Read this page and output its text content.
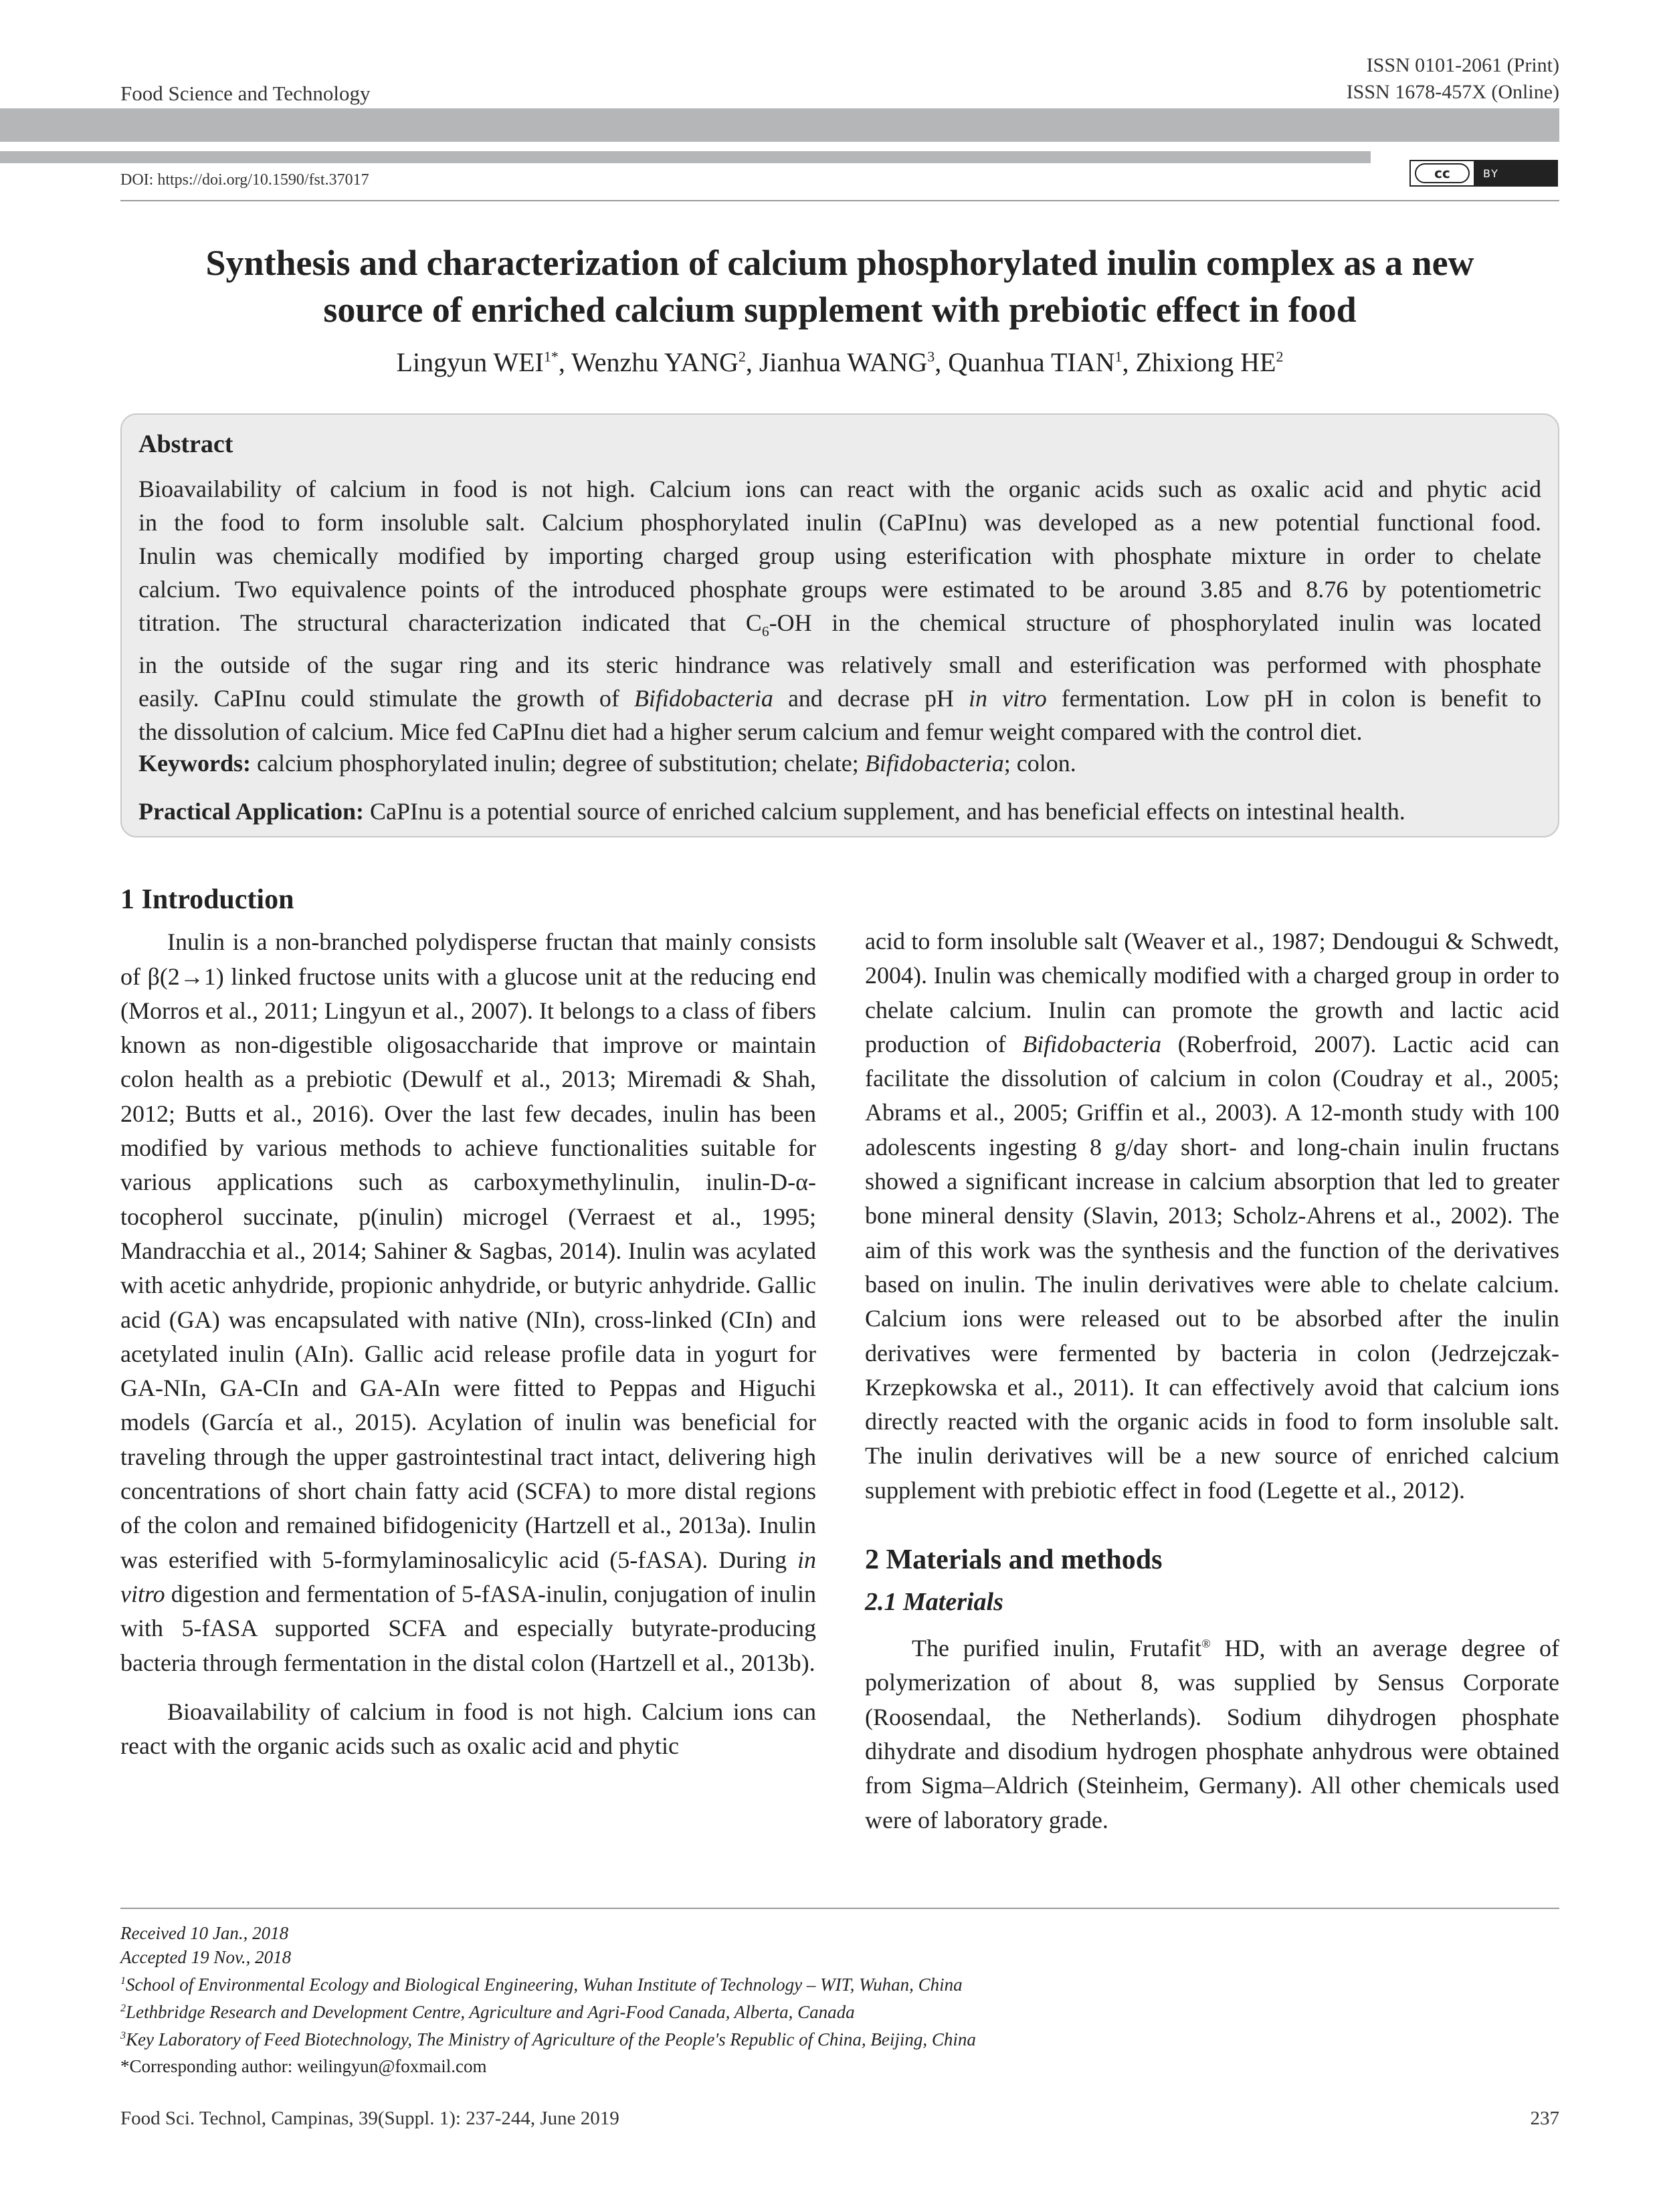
Food Science and Technology
ISSN 0101-2061 (Print)
ISSN 1678-457X (Online)
DOI: https://doi.org/10.1590/fst.37017	cc	BY
Synthesis and characterization of calcium phosphorylated inulin complex as a new
source of enriched calcium supplement with prebiotic effect in food
Lingyun $WEI^{1*}$, Wenzhu YANG$^2$, Jianhua WANG$^3$, Quanhua TIAN$^1$, Zhixiong $HE^2$
Abstract
Bioavailability of calcium in food is not high. Calcium ions can react with the organic acids such as oxalic acid and phytic acid
in the food to form insoluble salt. Calcium phosphorylated inulin (CaPInu) was developed as a new potential functional food.
Inulin was chemically modified by importing charged group using esterification with phosphate mixture in order to chelate
calcium. Two equivalence points of the introduced phosphate groups were estimated to be around 3.85 and 8.76 by potentiometric
titration. The structural characterization indicated that $C_6-OH$ in the chemical structure of phosphorylated inulin was located
in the outside of the sugar ring and its steric hindrance was relatively small and esterification was performed with phosphate
easily. CaPInu could stimulate the growth of Bifidobacteria and decrase pH in vitro fermentation. Low pH in colon is benefit to
the dissolution of calcium. Mice fed CaPInu diet had a higher serum calcium and femur weight compared with the control diet.
Keywords: calcium phosphorylated inulin; degree of substitution; chelate; Bifidobacteria; colon.
Practical Application: CaPInu is a potential source of enriched calcium supplement, and has beneficial effects on intestinal health.
1 Introduction

Inulin is a non-branched polydisperse fructan that mainly consists of β(2→1) linked fructose units with a glucose unit at the reducing end (Morros et al., 2011; Lingyun et al., 2007). It belongs to a class of fibers known as non-digestible oligosaccharide that improve or maintain colon health as a prebiotic (Dewulf et al., 2013; Miremadi & Shah, 2012; Butts et al., 2016). Over the last few decades, inulin has been modified by various methods to achieve functionalities suitable for various applications such as carboxymethylinulin, inulin-D-α-tocopherol succinate, p(inulin) microgel (Verraest et al., 1995; Mandracchia et al., 2014; Sahiner & Sagbas, 2014). Inulin was acylated with acetic anhydride, propionic anhydride, or butyric anhydride. Gallic acid (GA) was encapsulated with native (NIn), cross-linked (CIn) and acetylated inulin (AIn). Gallic acid release profile data in yogurt for GA-NIn, GA-CIn and GA-AIn were fitted to Peppas and Higuchi models (García et al., 2015). Acylation of inulin was beneficial for traveling through the upper gastrointestinal tract intact, delivering high concentrations of short chain fatty acid (SCFA) to more distal regions of the colon and remained bifidogenicity (Hartzell et al., 2013a). Inulin was esterified with 5-formylaminosalicylic acid (5-fASA). During in vitro digestion and fermentation of 5-fASA-inulin, conjugation of inulin with 5-fASA supported SCFA and especially butyrate-producing bacteria through fermentation in the distal colon (Hartzell et al., 2013b).

Bioavailability of calcium in food is not high. Calcium ions can react with the organic acids such as oxalic acid and phytic

acid to form insoluble salt (Weaver et al., 1987; Dendougui & Schwedt, 2004). Inulin was chemically modified with a charged group in order to chelate calcium. Inulin can promote the growth and lactic acid production of Bifidobacteria (Roberfroid, 2007). Lactic acid can facilitate the dissolution of calcium in colon (Coudray et al., 2005; Abrams et al., 2005; Griffin et al., 2003). A 12-month study with 100 adolescents ingesting 8 g/day short- and long-chain inulin fructans showed a significant increase in calcium absorption that led to greater bone mineral density (Slavin, 2013; Scholz-Ahrens et al., 2002). The aim of this work was the synthesis and the function of the derivatives based on inulin. The inulin derivatives were able to chelate calcium. Calcium ions were released out to be absorbed after the inulin derivatives were fermented by bacteria in colon (Jedrzejczak-Krzepkowska et al., 2011). It can effectively avoid that calcium ions directly reacted with the organic acids in food to form insoluble salt. The inulin derivatives will be a new source of enriched calcium supplement with prebiotic effect in food (Legette et al., 2012).

2 Materials and methods
2.1 Materials

The purified inulin, Frutafit® HD, with an average degree of polymerization of about 8, was supplied by Sensus Corporate (Roosendaal, the Netherlands). Sodium dihydrogen phosphate dihydrate and disodium hydrogen phosphate anhydrous were obtained from Sigma–Aldrich (Steinheim, Germany). All other chemicals used were of laboratory grade.

Received 10 Jan., 2018
Accepted 19 Nov., 2018
$^1$School of Environmental Ecology and Biological Engineering, Wuhan Institute of Technology – WIT, Wuhan, China
$^2$Lethbridge Research and Development Centre, Agriculture and Agri-Food Canada, Alberta, Canada
$^3$Key Laboratory of Feed Biotechnology, The Ministry of Agriculture of the People's Republic of China, Beijing, China
*Corresponding author: weilingyun@foxmail.com
Food Sci. Technol, Campinas, 39(Suppl. 1): 237-244, June 2019	237
